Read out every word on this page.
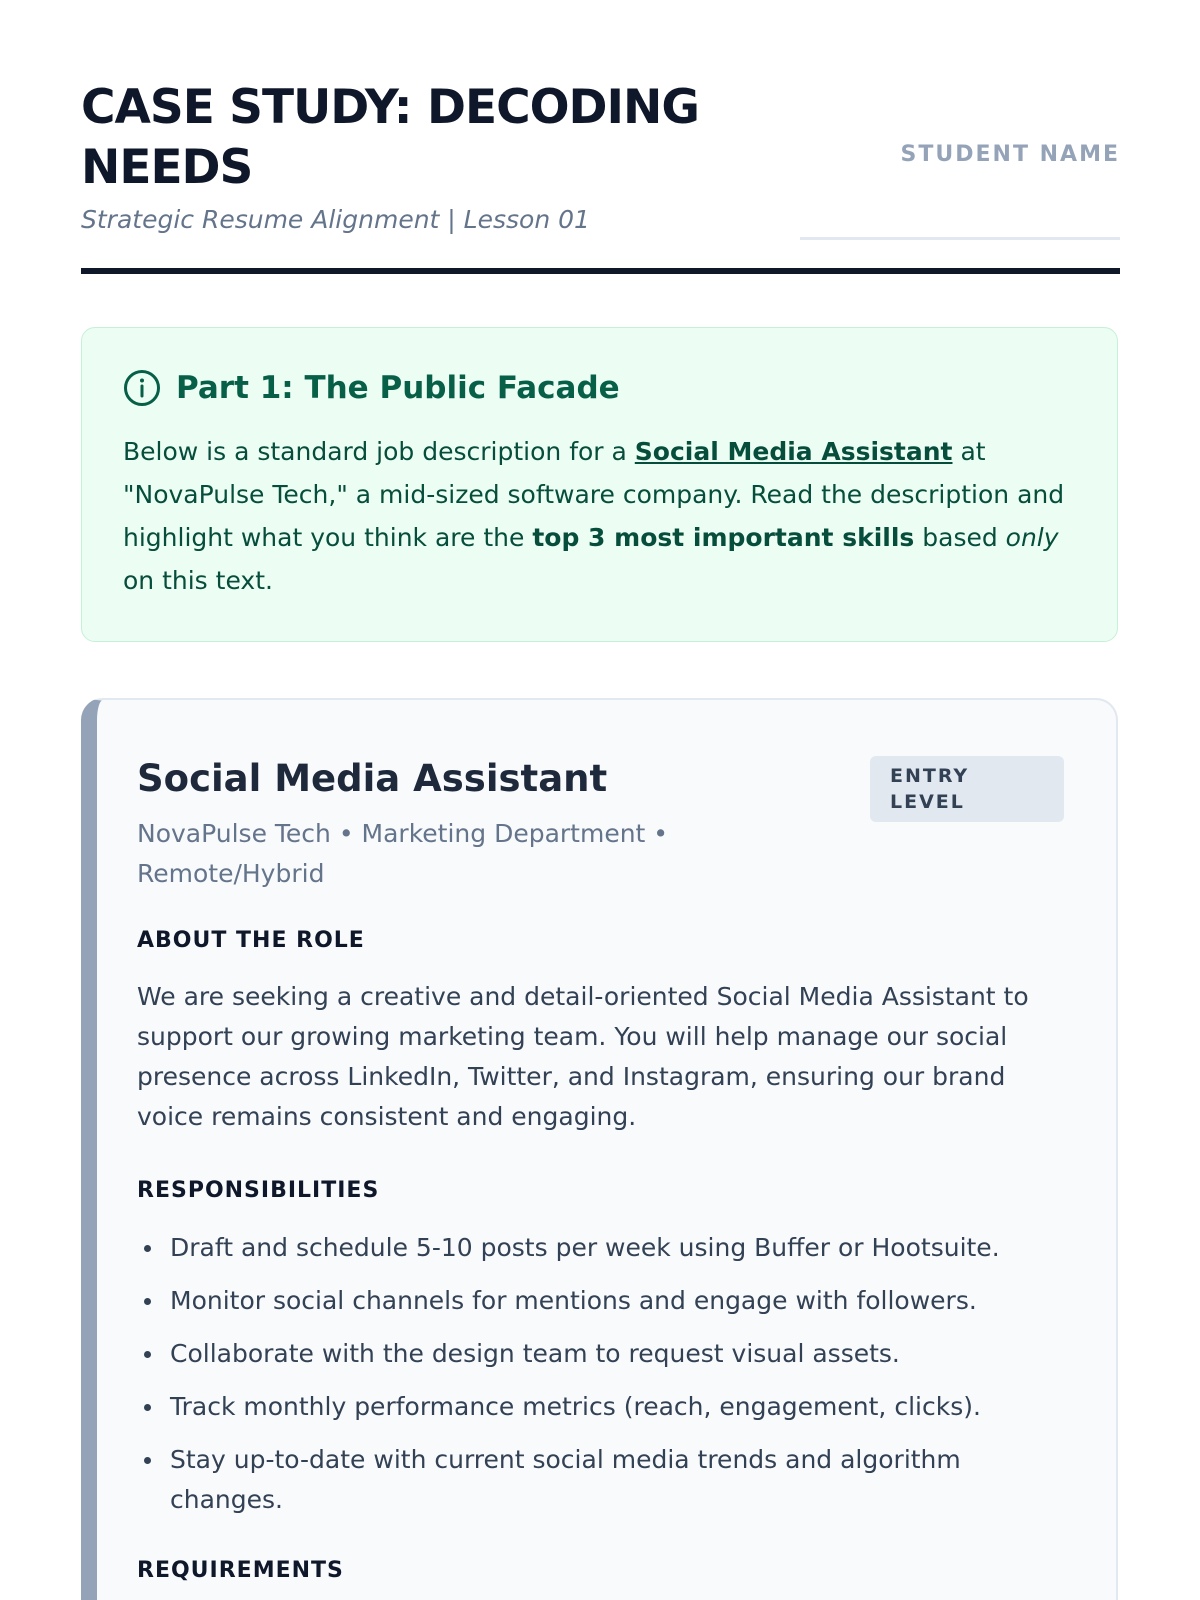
CASE STUDY: DECODING NEEDS
Strategic Resume Alignment | Lesson 01
STUDENT NAME
Part 1: The Public Facade
Below is a standard job description for a Social Media Assistant at "NovaPulse Tech," a mid-sized software company. Read the description and highlight what you think are the top 3 most important skills based only on this text.
Social Media Assistant
NovaPulse Tech • Marketing Department • Remote/Hybrid
ENTRY LEVEL
ABOUT THE ROLE
We are seeking a creative and detail-oriented Social Media Assistant to support our growing marketing team. You will help manage our social presence across LinkedIn, Twitter, and Instagram, ensuring our brand voice remains consistent and engaging.
RESPONSIBILITIES
Draft and schedule 5-10 posts per week using Buffer or Hootsuite.
Monitor social channels for mentions and engage with followers.
Collaborate with the design team to request visual assets.
Track monthly performance metrics (reach, engagement, clicks).
Stay up-to-date with current social media trends and algorithm changes.
REQUIREMENTS
